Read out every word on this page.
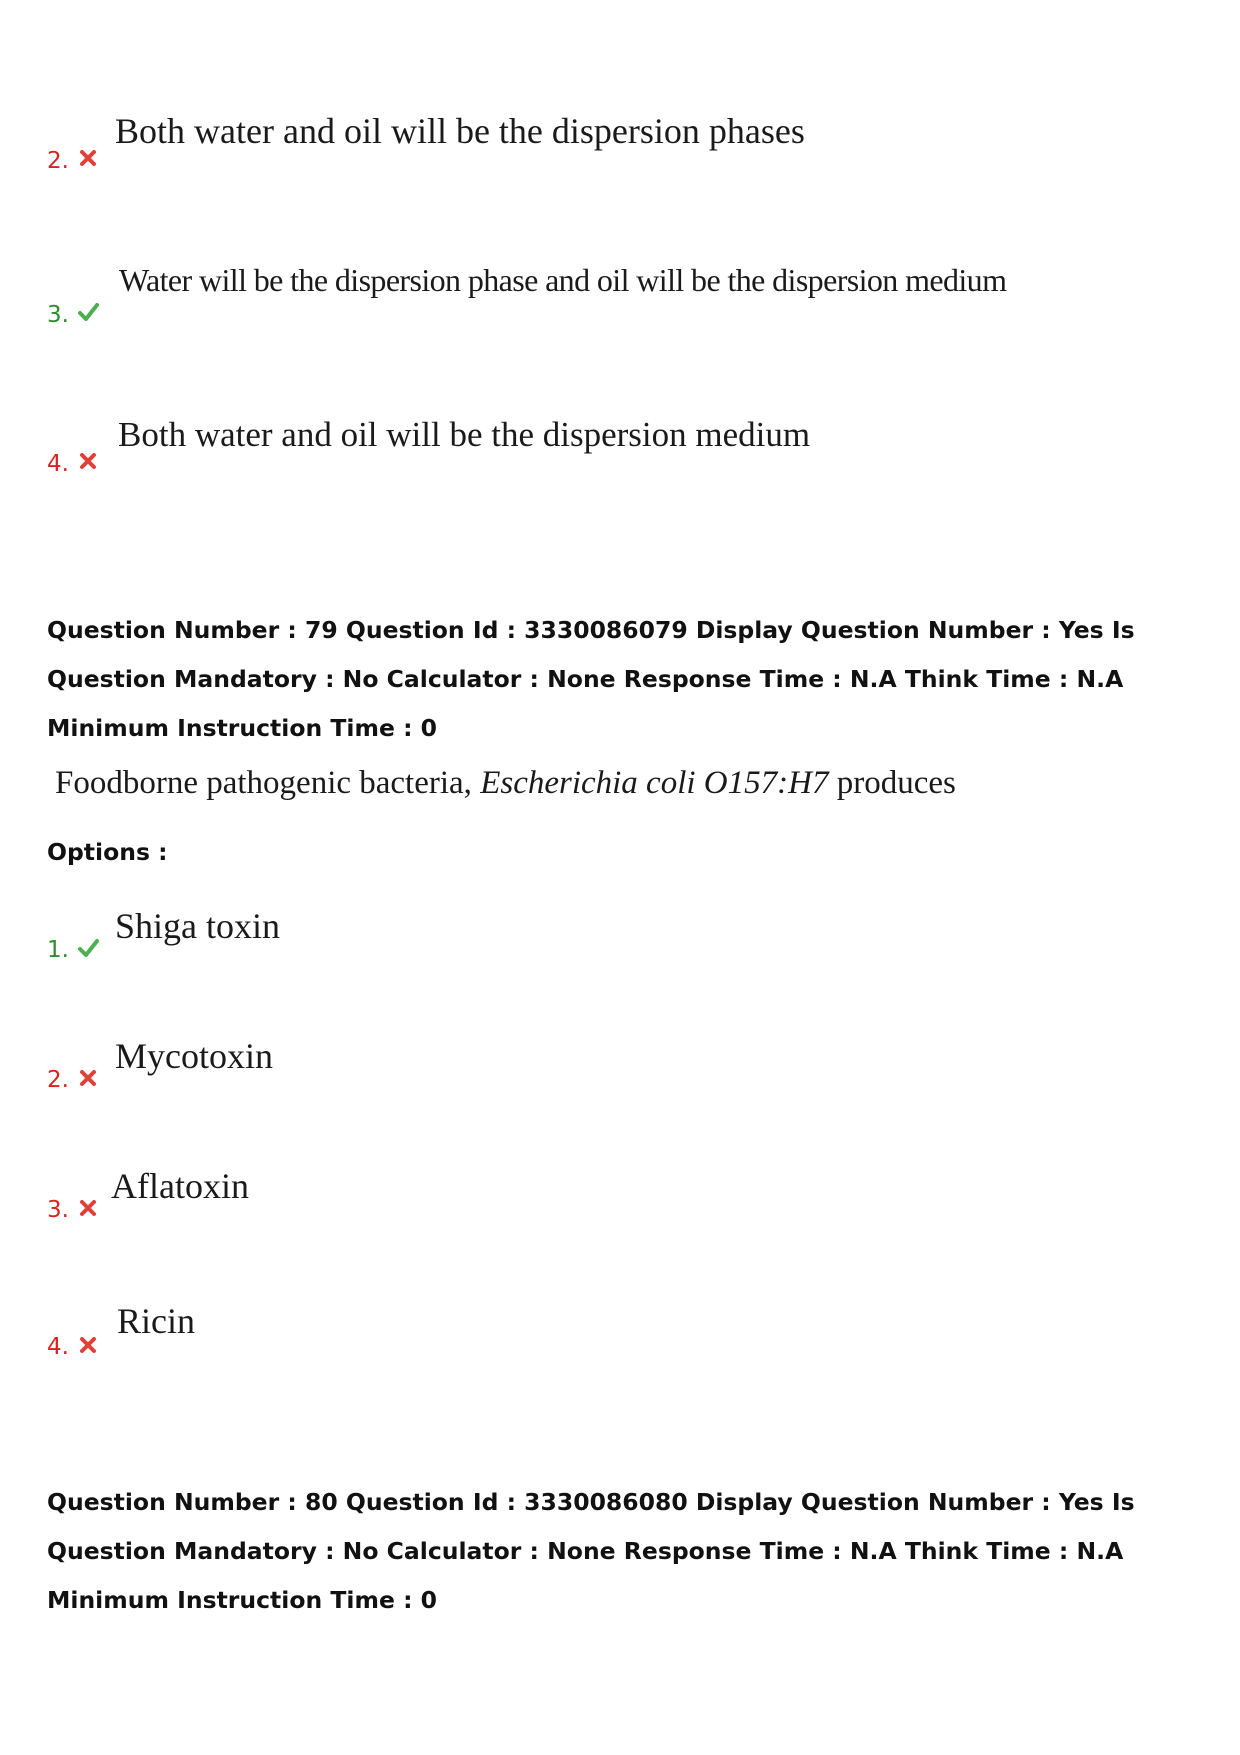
2.
Both water and oil will be the dispersion phases
3.
Water will be the dispersion phase and oil will be the dispersion medium
4.
Both water and oil will be the dispersion medium

Question Number : 79 Question Id : 3330086079 Display Question Number : Yes Is Question Mandatory : No Calculator : None Response Time : N.A Think Time : N.A Minimum Instruction Time : 0

Foodborne pathogenic bacteria, Escherichia coli O157:H7 produces
Options :
1.
Shiga toxin
2.
Mycotoxin
3.
Aflatoxin
4.
Ricin

Question Number : 80 Question Id : 3330086080 Display Question Number : Yes Is Question Mandatory : No Calculator : None Response Time : N.A Think Time : N.A Minimum Instruction Time : 0
